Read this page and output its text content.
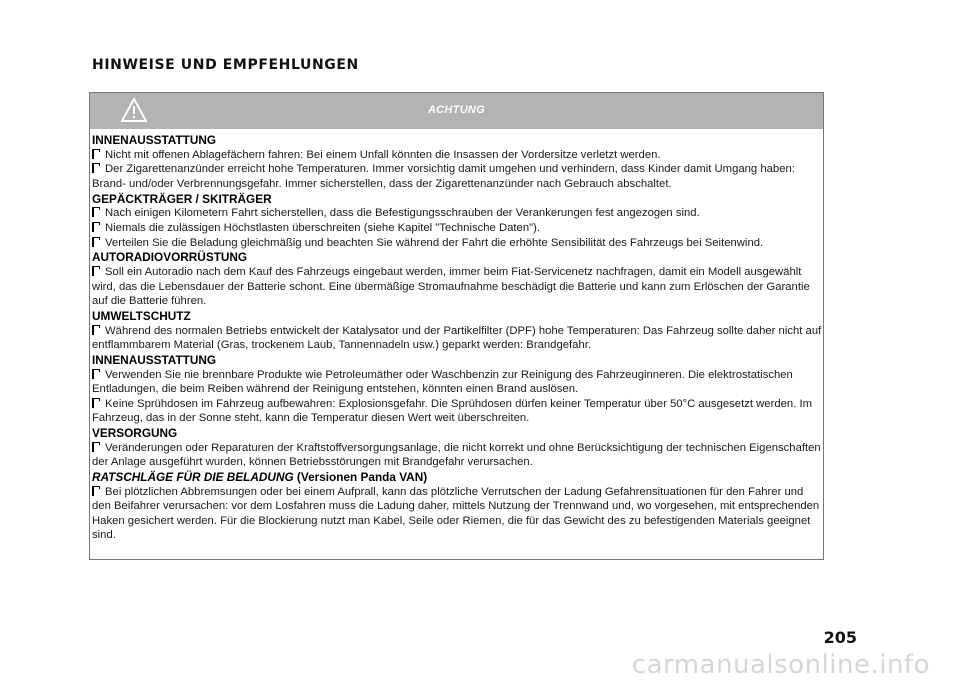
HINWEISE UND EMPFEHLUNGEN
ACHTUNG
INNENAUSSTATTUNG

Nicht mit offenen Ablagefächern fahren: Bei einem Unfall könnten die Insassen der Vordersitze verletzt werden.

Der Zigarettenanzünder erreicht hohe Temperaturen. Immer vorsichtig damit umgehen und verhindern, dass Kinder damit Umgang haben: Brand- und/oder Verbrennungsgefahr. Immer sicherstellen, dass der Zigarettenanzünder nach Gebrauch abschaltet.

GEPÄCKTRÄGER / SKITRÄGER

Nach einigen Kilometern Fahrt sicherstellen, dass die Befestigungsschrauben der Verankerungen fest angezogen sind.

Niemals die zulässigen Höchstlasten überschreiten (siehe Kapitel "Technische Daten").

Verteilen Sie die Beladung gleichmäßig und beachten Sie während der Fahrt die erhöhte Sensibilität des Fahrzeugs bei Seitenwind.

AUTORADIOVORRÜSTUNG

Soll ein Autoradio nach dem Kauf des Fahrzeugs eingebaut werden, immer beim Fiat-Servicenetz nachfragen, damit ein Modell ausgewählt wird, das die Lebensdauer der Batterie schont. Eine übermäßige Stromaufnahme beschädigt die Batterie und kann zum Erlöschen der Garantie auf die Batterie führen.

UMWELTSCHUTZ

Während des normalen Betriebs entwickelt der Katalysator und der Partikelfilter (DPF) hohe Temperaturen: Das Fahrzeug sollte daher nicht auf entflammbarem Material (Gras, trockenem Laub, Tannennadeln usw.) geparkt werden: Brandgefahr.

INNENAUSSTATTUNG

Verwenden Sie nie brennbare Produkte wie Petroleumäther oder Waschbenzin zur Reinigung des Fahrzeuginneren. Die elektrostatischen Entladungen, die beim Reiben während der Reinigung entstehen, könnten einen Brand auslösen.

Keine Sprühdosen im Fahrzeug aufbewahren: Explosionsgefahr. Die Sprühdosen dürfen keiner Temperatur über 50°C ausgesetzt werden. Im Fahrzeug, das in der Sonne steht, kann die Temperatur diesen Wert weit überschreiten.

VERSORGUNG

Veränderungen oder Reparaturen der Kraftstoffversorgungsanlage, die nicht korrekt und ohne Berücksichtigung der technischen Eigenschaften der Anlage ausgeführt wurden, können Betriebsstörungen mit Brandgefahr verursachen.

RATSCHLÄGE FÜR DIE BELADUNG (Versionen Panda VAN)

Bei plötzlichen Abbremsungen oder bei einem Aufprall, kann das plötzliche Verrutschen der Ladung Gefahrensituationen für den Fahrer und den Beifahrer verursachen: vor dem Losfahren muss die Ladung daher, mittels Nutzung der Trennwand und, wo vorgesehen, mit entsprechenden Haken gesichert werden. Für die Blockierung nutzt man Kabel, Seile oder Riemen, die für das Gewicht des zu befestigenden Materials geeignet sind.

205
carmanualsonline.info
